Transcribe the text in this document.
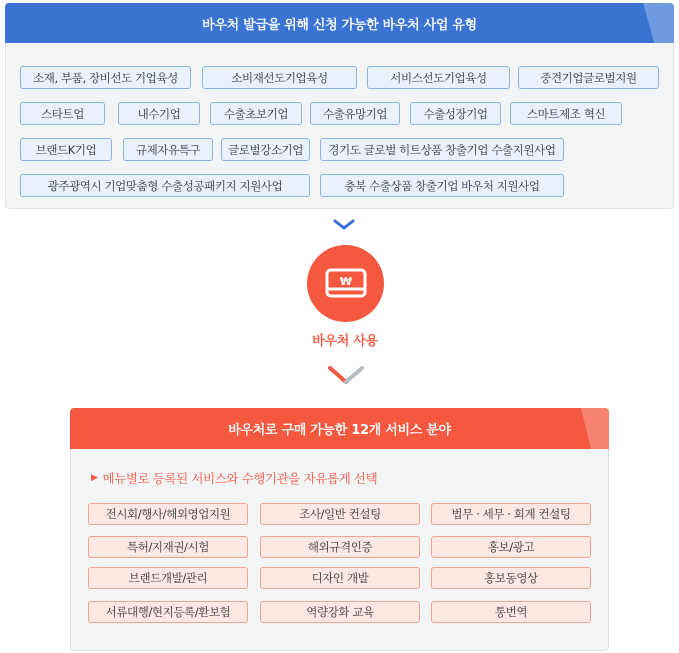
바우처 발급을 위해 신청 가능한 바우처 사업 유형
소재, 부품, 장비선도 기업육성	소비재선도기업육성	서비스선도기업육성	중견기업글로벌지원
스타트업	내수기업	수출초보기업	수출유망기업	수출성장기업	스마트제조 혁신
브랜드K기업	규제자유특구	글로벌강소기업	경기도 글로벌 히트상품 창출기업 수출지원사업
광주광역시 기업맞춤형 수출성공패키지 지원사업	충북 수출상품 창출기업 바우처 지원사업
₩
바우처 사용
바우처로 구매 가능한 12개 서비스 분야
▶ 메뉴별로 등록된 서비스와 수행기관을 자유롭게 선택
전시회/행사/해외영업지원	조사/일반 컨설팅	법무 · 세무 · 회계 컨설팅
특허/지재권/시험	해외규격인증	홍보/광고
브랜드개발/관리	디자인 개발	홍보동영상
서류대행/현지등록/환보험	역량강화 교육	통번역
